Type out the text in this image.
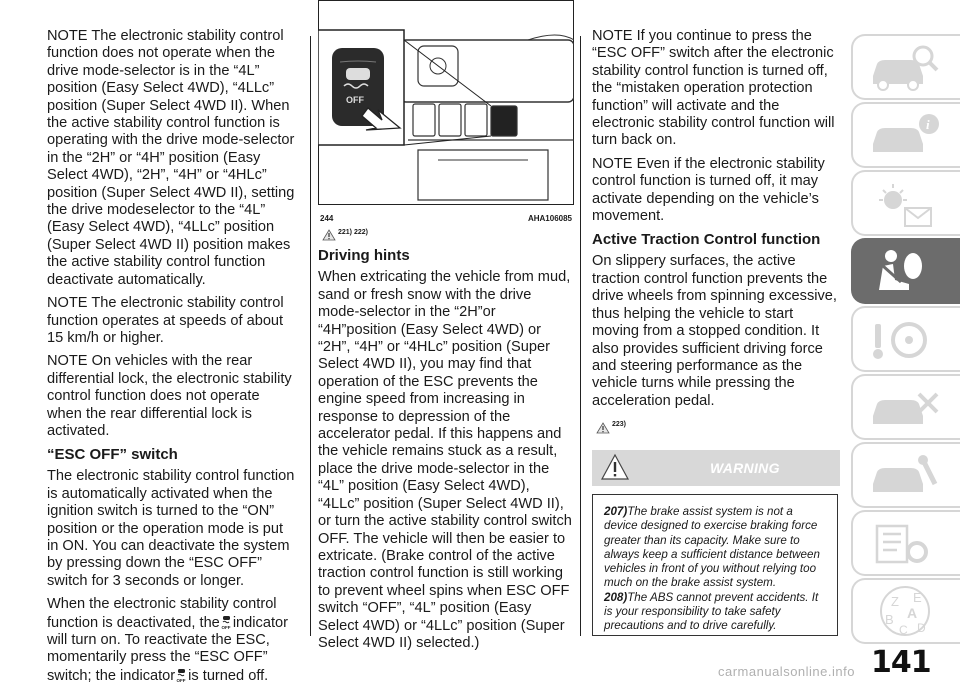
NOTE The electronic stability control function does not operate when the drive mode-selector is in the “4L” position (Easy Select 4WD), “4LLc” position (Super Select 4WD II). When the active stability control function is operating with the drive mode-selector in the “2H” or “4H” position (Easy Select 4WD), “2H”, “4H” or “4HLc” position (Super Select 4WD II), setting the drive modeselector to the “4L” (Easy Select 4WD), “4LLc” position (Super Select 4WD II) position makes the active stability control function deactivate automatically.

NOTE The electronic stability control function operates at speeds of about 15 km/h or higher.

NOTE On vehicles with the rear differential lock, the electronic stability control function does not operate when the rear differential lock is activated.

“ESC OFF” switch

The electronic stability control function is automatically activated when the ignition switch is turned to the “ON” position or the operation mode is put in ON. You can deactivate the system by pressing down the “ESC OFF” switch for 3 seconds or longer.

When the electronic stability control function is deactivated, the OFF indicator will turn on. To reactivate the ESC, momentarily press the “ESC OFF” switch; the indicator OFF is turned off.

OFF
244	AHA106085
221) 222)
Driving hints

When extricating the vehicle from mud, sand or fresh snow with the drive mode-selector in the “2H”or “4H”position (Easy Select 4WD) or “2H”, “4H” or “4HLc” position (Super Select 4WD II), you may find that operation of the ESC prevents the engine speed from increasing in response to depression of the accelerator pedal. If this happens and the vehicle remains stuck as a result, place the drive mode-selector in the “4L” position (Easy Select 4WD), “4LLc” position (Super Select 4WD II), or turn the active stability control switch OFF. The vehicle will then be easier to extricate. (Brake control of the active traction control function is still working to prevent wheel spins when ESC OFF switch “OFF”, “4L” position (Easy Select 4WD) or “4LLc” position (Super Select 4WD II) selected.)

NOTE If you continue to press the “ESC OFF” switch after the electronic stability control function is turned off, the “mistaken operation protection function” will activate and the electronic stability control function will turn back on.

NOTE Even if the electronic stability control function is turned off, it may activate depending on the vehicle’s movement.

Active Traction Control function

On slippery surfaces, the active traction control function prevents the drive wheels from spinning excessive, thus helping the vehicle to start moving from a stopped condition. It also provides sufficient driving force and steering performance as the vehicle turns while pressing the acceleration pedal.

223)
WARNING
207)The brake assist system is not a device designed to exercise braking force greater than its capacity. Make sure to always keep a sufficient distance between vehicles in front of you without relying too much on the brake assist system.
208)The ABS cannot prevent accidents. It is your responsibility to take safety precautions and to drive carefully.
i
Z E
B A
C D
141
carmanualsonline.info
